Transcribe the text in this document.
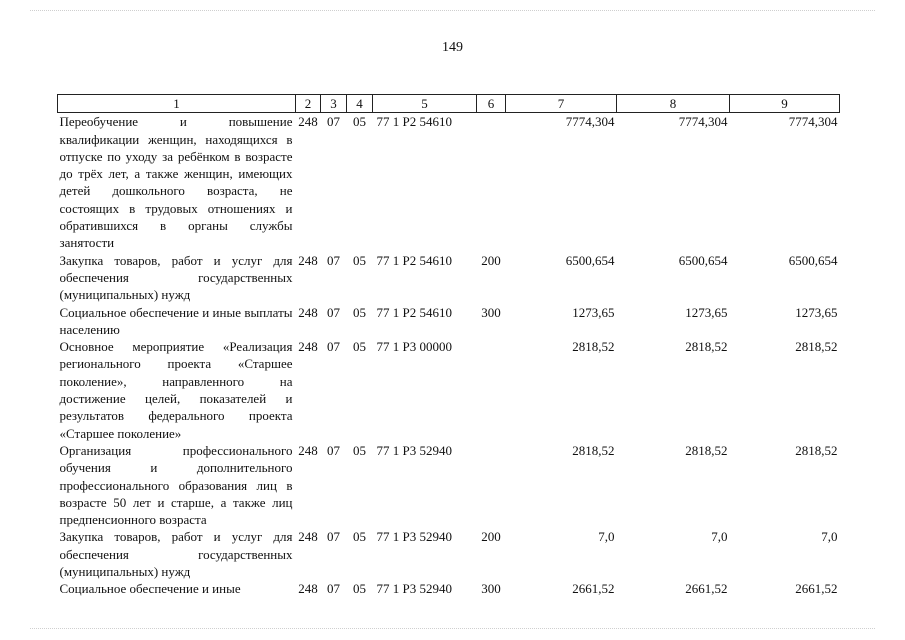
149
1	2	3	4	5	6	7	8	9
Переобучение и повышение квалификации женщин, находящихся в отпуске по уходу за ребёнком в возрасте до трёх лет, а также женщин, имеющих детей дошкольного возраста, не состоящих в трудовых отношениях и обратившихся в органы службы занятости	248	07	05	77 1 P2 54610		7774,304	7774,304	7774,304
Закупка товаров, работ и услуг для обеспечения государственных (муниципальных) нужд	248	07	05	77 1 P2 54610	200	6500,654	6500,654	6500,654
Социальное обеспечение и иные выплаты населению	248	07	05	77 1 P2 54610	300	1273,65	1273,65	1273,65
Основное мероприятие «Реализация регионального проекта «Старшее поколение», направленного на достижение целей, показателей и результатов федерального проекта «Старшее поколение»	248	07	05	77 1 P3 00000		2818,52	2818,52	2818,52
Организация профессионального обучения и дополнительного профессионального образования лиц в возрасте 50 лет и старше, а также лиц предпенсионного возраста	248	07	05	77 1 P3 52940		2818,52	2818,52	2818,52
Закупка товаров, работ и услуг для обеспечения государственных (муниципальных) нужд	248	07	05	77 1 P3 52940	200	7,0	7,0	7,0
Социальное обеспечение и иные	248	07	05	77 1 P3 52940	300	2661,52	2661,52	2661,52
